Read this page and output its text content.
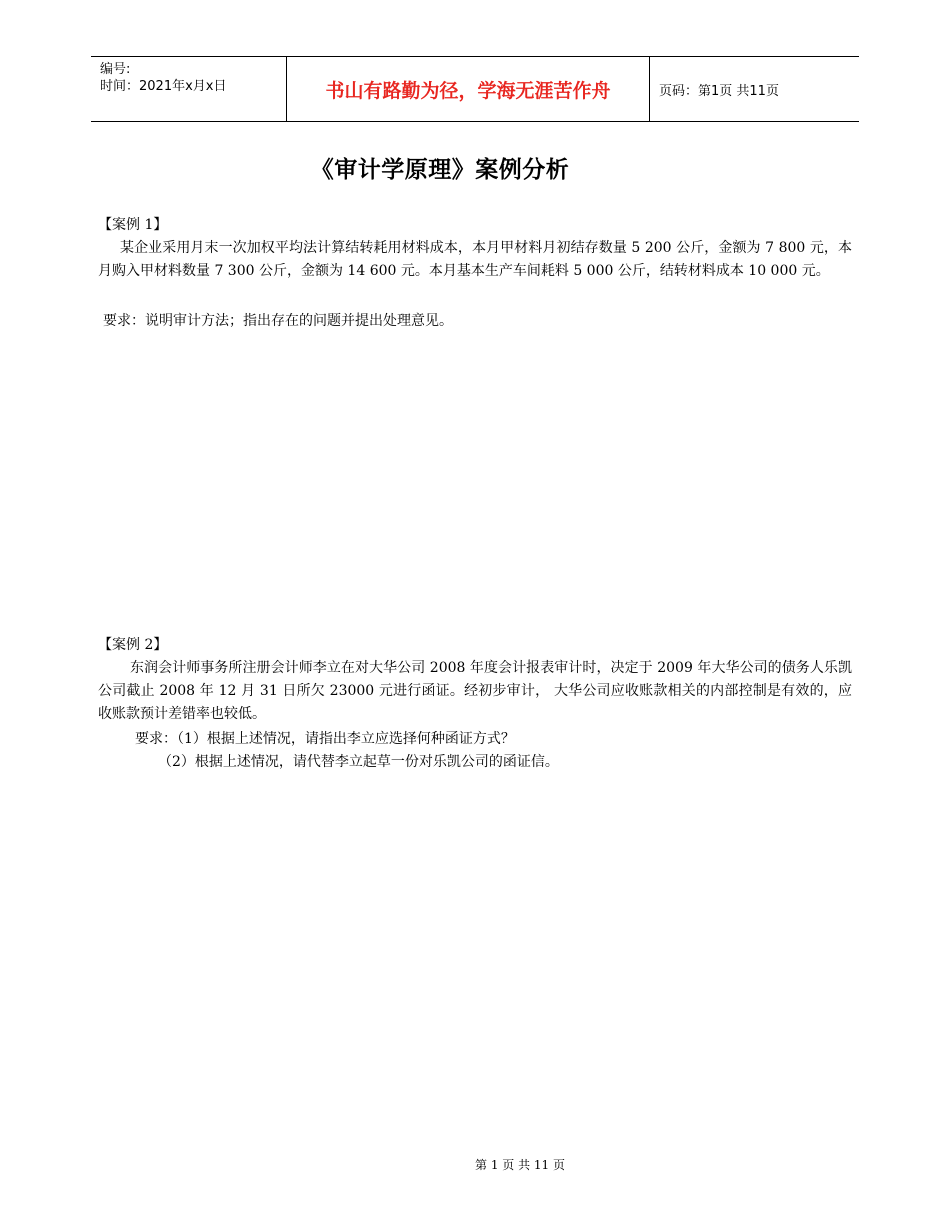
编号:
时间：2021年x月x日	书山有路勤为径，学海无涯苦作舟	页码：第1页 共11页
《审计学原理》案例分析
【案例 1】
某企业采用月末一次加权平均法计算结转耗用材料成本，本月甲材料月初结存数量 5 200 公斤，金额为 7 800 元，本月购入甲材料数量 7 300 公斤，金额为 14 600 元。本月基本生产车间耗料 5 000 公斤，结转材料成本 10 000 元。
要求：说明审计方法；指出存在的问题并提出处理意见。
【案例 2】
东润会计师事务所注册会计师李立在对大华公司 2008 年度会计报表审计时，决定于 2009 年大华公司的债务人乐凯公司截止 2008 年 12 月 31 日所欠 23000 元进行函证。经初步审计， 大华公司应收账款相关的内部控制是有效的，应收账款预计差错率也较低。
要求：（1）根据上述情况，请指出李立应选择何种函证方式？
（2）根据上述情况，请代替李立起草一份对乐凯公司的函证信。
第 1 页 共 11 页
